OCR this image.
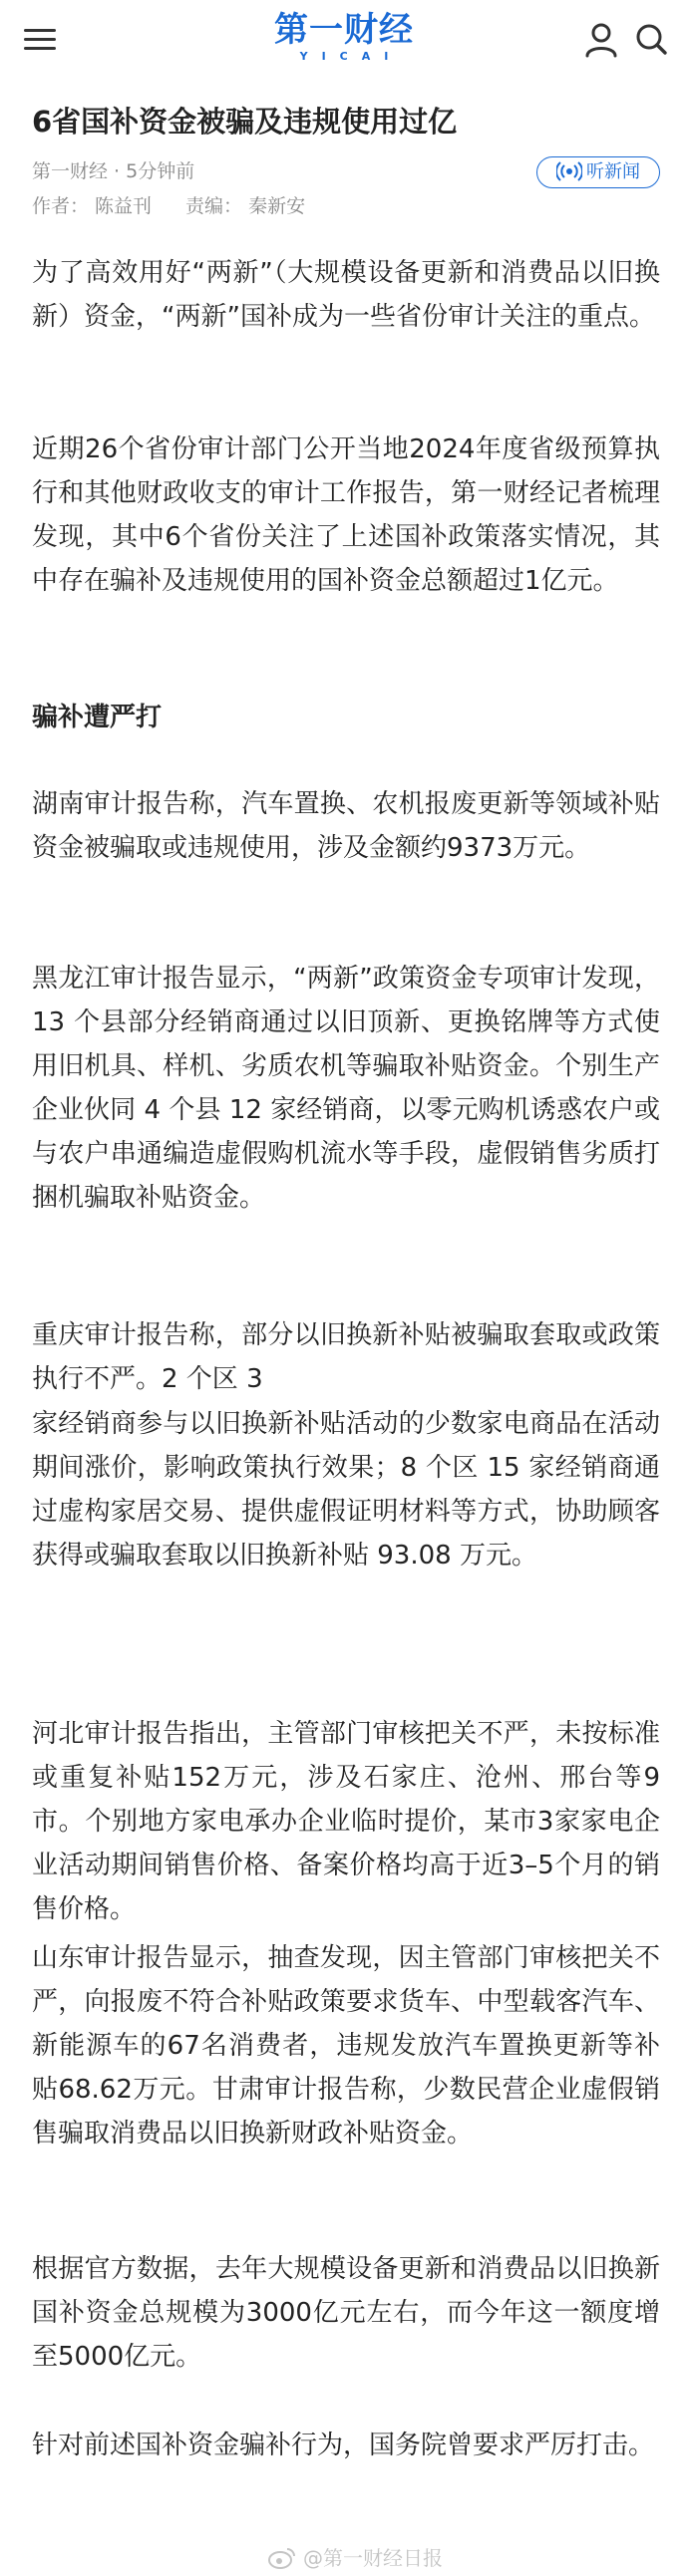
第一财经
YICAI
6省国补资金被骗及违规使用过亿
第一财经 · 5分钟前
作者： 陈益刊 责编： 秦新安
听新闻

为了高效用好“两新”（大规模设备更新和消费品以旧换新）资金，“两新”国补成为一些省份审计关注的重点。

近期26个省份审计部门公开当地2024年度省级预算执行和其他财政收支的审计工作报告，第一财经记者梳理发现，其中6个省份关注了上述国补政策落实情况，其中存在骗补及违规使用的国补资金总额超过1亿元。

骗补遭严打

湖南审计报告称，汽车置换、农机报废更新等领域补贴资金被骗取或违规使用，涉及金额约9373万元。

黑龙江审计报告显示，“两新”政策资金专项审计发现，13 个县部分经销商通过以旧顶新、更换铭牌等方式使用旧机具、样机、劣质农机等骗取补贴资金。个别生产企业伙同 4 个县 12 家经销商，以零元购机诱惑农户或与农户串通编造虚假购机流水等手段，虚假销售劣质打捆机骗取补贴资金。

重庆审计报告称，部分以旧换新补贴被骗取套取或政策执行不严。2 个区 3

家经销商参与以旧换新补贴活动的少数家电商品在活动期间涨价，影响政策执行效果；8 个区 15 家经销商通过虚构家居交易、提供虚假证明材料等方式，协助顾客获得或骗取套取以旧换新补贴 93.08 万元。

河北审计报告指出，主管部门审核把关不严，未按标准或重复补贴152万元，涉及石家庄、沧州、邢台等9市。个别地方家电承办企业临时提价，某市3家家电企业活动期间销售价格、备案价格均高于近3–5个月的销售价格。

山东审计报告显示，抽查发现，因主管部门审核把关不严，向报废不符合补贴政策要求货车、中型载客汽车、新能源车的67名消费者，违规发放汽车置换更新等补贴68.62万元。甘肃审计报告称，少数民营企业虚假销售骗取消费品以旧换新财政补贴资金。

根据官方数据，去年大规模设备更新和消费品以旧换新国补资金总规模为3000亿元左右，而今年这一额度增至5000亿元。

针对前述国补资金骗补行为，国务院曾要求严厉打击。

@第一财经日报
